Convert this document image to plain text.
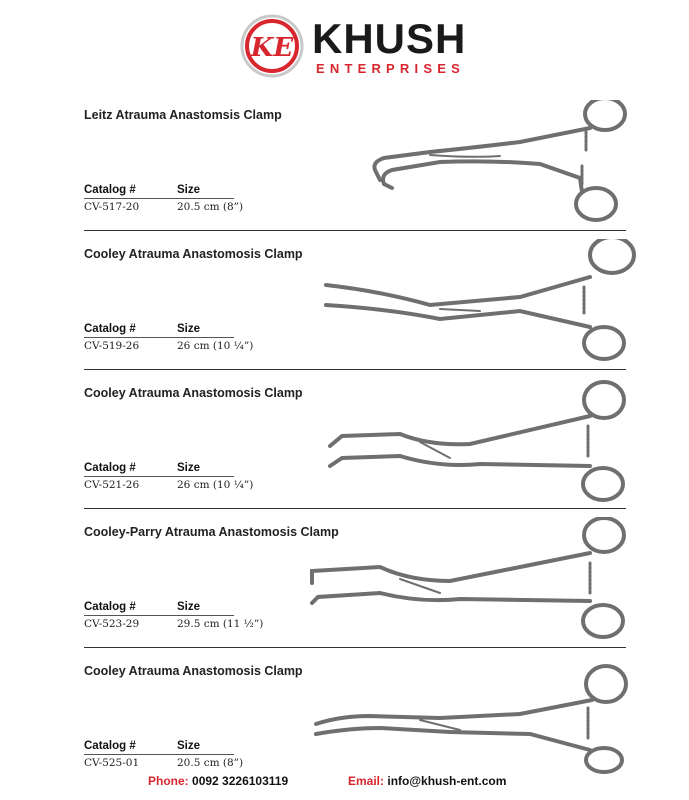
KE KHUSH
ENTERPRISES
Leitz Atrauma Anastomsis Clamp
Catalog #	Size
CV-517-20	20.5 cm (8”)
Cooley Atrauma Anastomosis Clamp
Catalog #	Size
CV-519-26	26 cm (10 ¼”)
Cooley Atrauma Anastomosis Clamp
Catalog #	Size
CV-521-26	26 cm (10 ¼”)
Cooley-Parry Atrauma Anastomosis Clamp
Catalog #	Size
CV-523-29	29.5 cm (11 ½”)
Cooley Atrauma Anastomosis Clamp
Catalog #	Size
CV-525-01	20.5 cm (8”)
Phone: 0092 3226103119	Email: info@khush-ent.com
